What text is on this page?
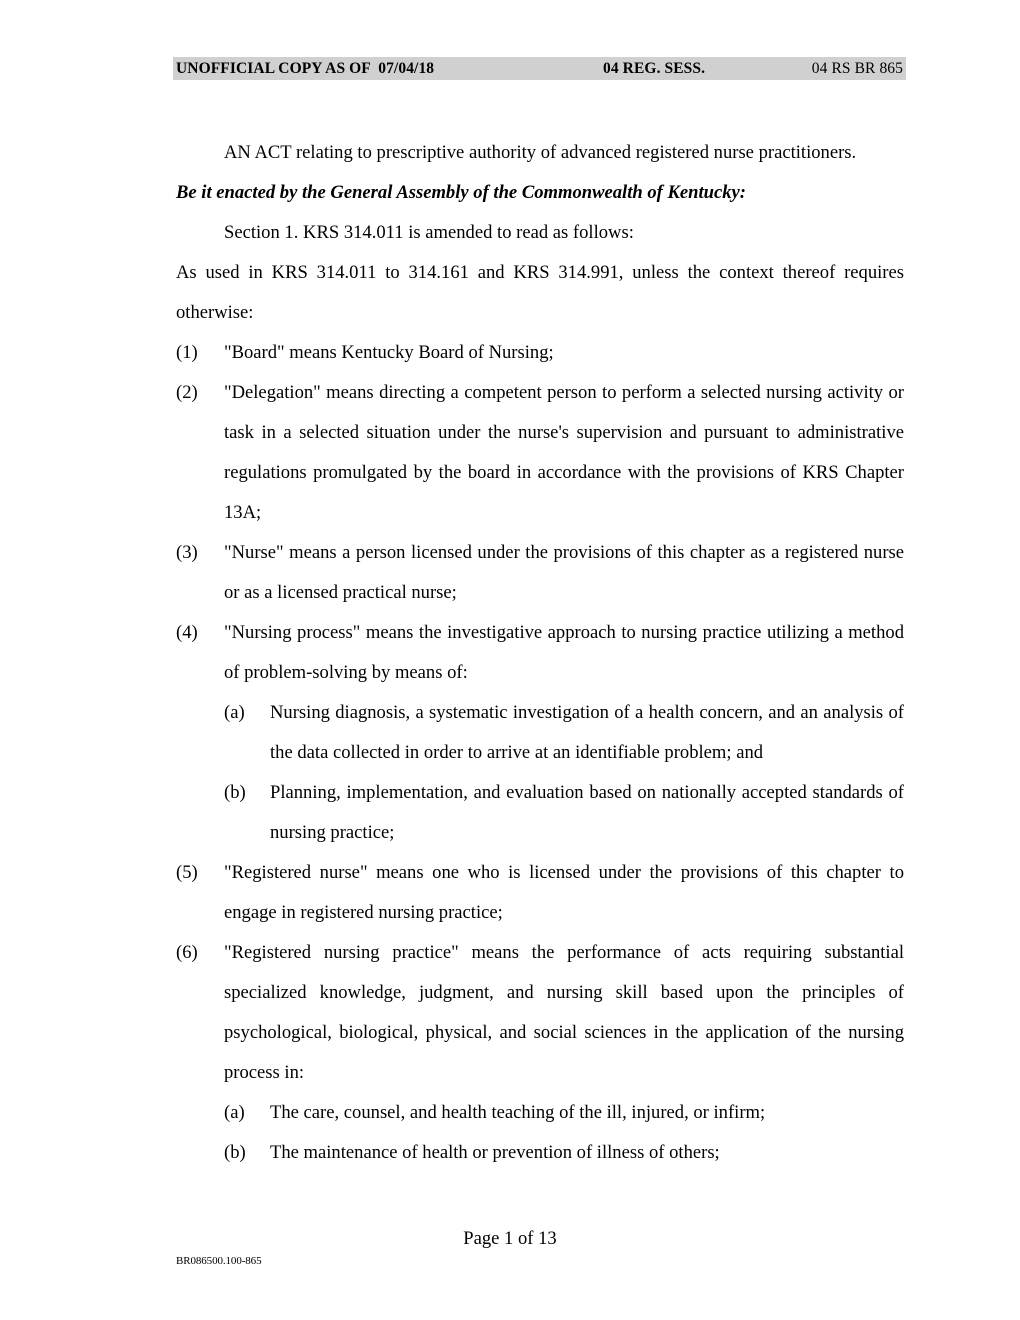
UNOFFICIAL COPY AS OF  07/04/18	04 REG. SESS.	04 RS BR 865

AN ACT relating to prescriptive authority of advanced registered nurse practitioners.

Be it enacted by the General Assembly of the Commonwealth of Kentucky:

Section 1. KRS 314.011 is amended to read as follows:

As used in KRS 314.011 to 314.161 and KRS 314.991, unless the context thereof requires otherwise:

(1)	"Board" means Kentucky Board of Nursing;
(2)	"Delegation" means directing a competent person to perform a selected nursing activity or task in a selected situation under the nurse's supervision and pursuant to administrative regulations promulgated by the board in accordance with the provisions of KRS Chapter 13A;
(3)	"Nurse" means a person licensed under the provisions of this chapter as a registered nurse or as a licensed practical nurse;
(4)	"Nursing process" means the investigative approach to nursing practice utilizing a method of problem-solving by means of:
(a)	Nursing diagnosis, a systematic investigation of a health concern, and an analysis of the data collected in order to arrive at an identifiable problem; and
(b)	Planning, implementation, and evaluation based on nationally accepted standards of nursing practice;
(5)	"Registered nurse" means one who is licensed under the provisions of this chapter to engage in registered nursing practice;
(6)	"Registered nursing practice" means the performance of acts requiring substantial specialized knowledge, judgment, and nursing skill based upon the principles of psychological, biological, physical, and social sciences in the application of the nursing process in:
(a)	The care, counsel, and health teaching of the ill, injured, or infirm;
(b)	The maintenance of health or prevention of illness of others;
Page 1 of 13
BR086500.100-865
